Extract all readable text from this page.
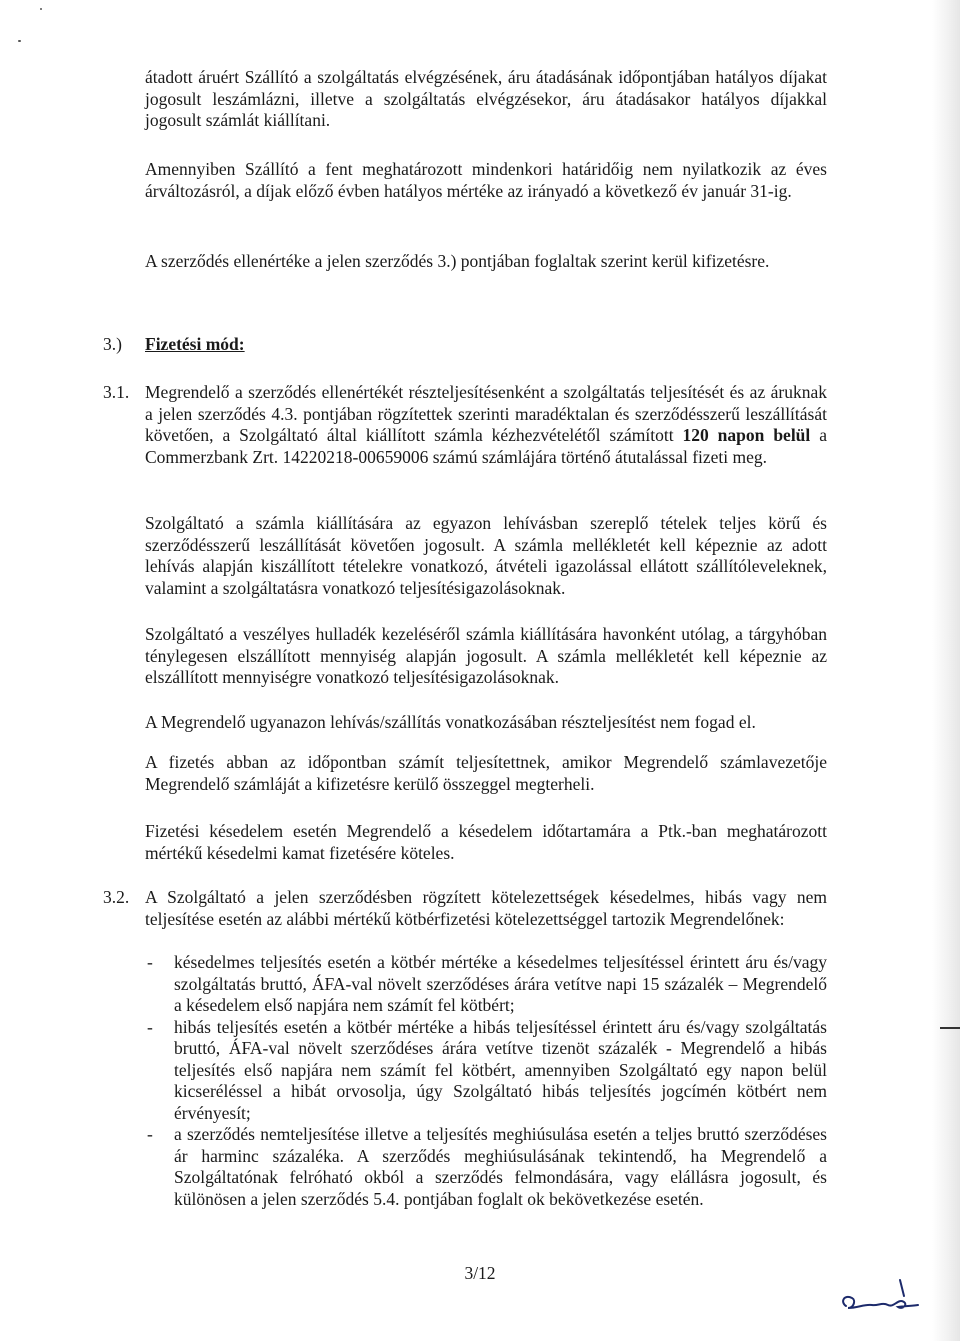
átadott áruért Szállító a szolgáltatás elvégzésének, áru átadásának időpontjában hatályos díjakat jogosult leszámlázni, illetve a szolgáltatás elvégzésekor, áru átadásakor hatályos díjakkal jogosult számlát kiállítani.

Amennyiben Szállító a fent meghatározott mindenkori határidőig nem nyilatkozik az éves árváltozásról, a díjak előző évben hatályos mértéke az irányadó a következő év január 31-ig.

A szerződés ellenértéke a jelen szerződés 3.) pontjában foglaltak szerint kerül kifizetésre.

3.) Fizetési mód:
3.1. Megrendelő a szerződés ellenértékét részteljesítésenként a szolgáltatás teljesítését és az áruknak a jelen szerződés 4.3. pontjában rögzítettek szerinti maradéktalan és szerződésszerű leszállítását követően, a Szolgáltató által kiállított számla kézhezvételétől számított 120 napon belül a Commerzbank Zrt. 14220218-00659006 számú számlájára történő átutalással fizeti meg.

Szolgáltató a számla kiállítására az egyazon lehívásban szereplő tételek teljes körű és szerződésszerű leszállítását követően jogosult. A számla mellékletét kell képeznie az adott lehívás alapján kiszállított tételekre vonatkozó, átvételi igazolással ellátott szállítóleveleknek, valamint a szolgáltatásra vonatkozó teljesítésigazolásoknak.

Szolgáltató a veszélyes hulladék kezeléséről számla kiállítására havonként utólag, a tárgyhóban ténylegesen elszállított mennyiség alapján jogosult. A számla mellékletét kell képeznie az elszállított mennyiségre vonatkozó teljesítésigazolásoknak.

A Megrendelő ugyanazon lehívás/szállítás vonatkozásában részteljesítést nem fogad el.

A fizetés abban az időpontban számít teljesítettnek, amikor Megrendelő számlavezetője Megrendelő számláját a kifizetésre kerülő összeggel megterheli.

Fizetési késedelem esetén Megrendelő a késedelem időtartamára a Ptk.-ban meghatározott mértékű késedelmi kamat fizetésére köteles.

3.2. A Szolgáltató a jelen szerződésben rögzített kötelezettségek késedelmes, hibás vagy nem teljesítése esetén az alábbi mértékű kötbérfizetési kötelezettséggel tartozik Megrendelőnek:

- késedelmes teljesítés esetén a kötbér mértéke a késedelmes teljesítéssel érintett áru és/vagy szolgáltatás bruttó, ÁFA-val növelt szerződéses árára vetítve napi 15 százalék – Megrendelő a késedelem első napjára nem számít fel kötbért;
- hibás teljesítés esetén a kötbér mértéke a hibás teljesítéssel érintett áru és/vagy szolgáltatás bruttó, ÁFA-val növelt szerződéses árára vetítve tizenöt százalék - Megrendelő a hibás teljesítés első napjára nem számít fel kötbért, amennyiben Szolgáltató egy napon belül kicseréléssel a hibát orvosolja, úgy Szolgáltató hibás teljesítés jogcímén kötbért nem érvényesít;
- a szerződés nemteljesítése illetve a teljesítés meghiúsulása esetén a teljes bruttó szerződéses ár harminc százaléka. A szerződés meghiúsulásának tekintendő, ha Megrendelő a Szolgáltatónak felróható okból a szerződés felmondására, vagy elállásra jogosult, és különösen a jelen szerződés 5.4. pontjában foglalt ok bekövetkezése esetén.
3/12
